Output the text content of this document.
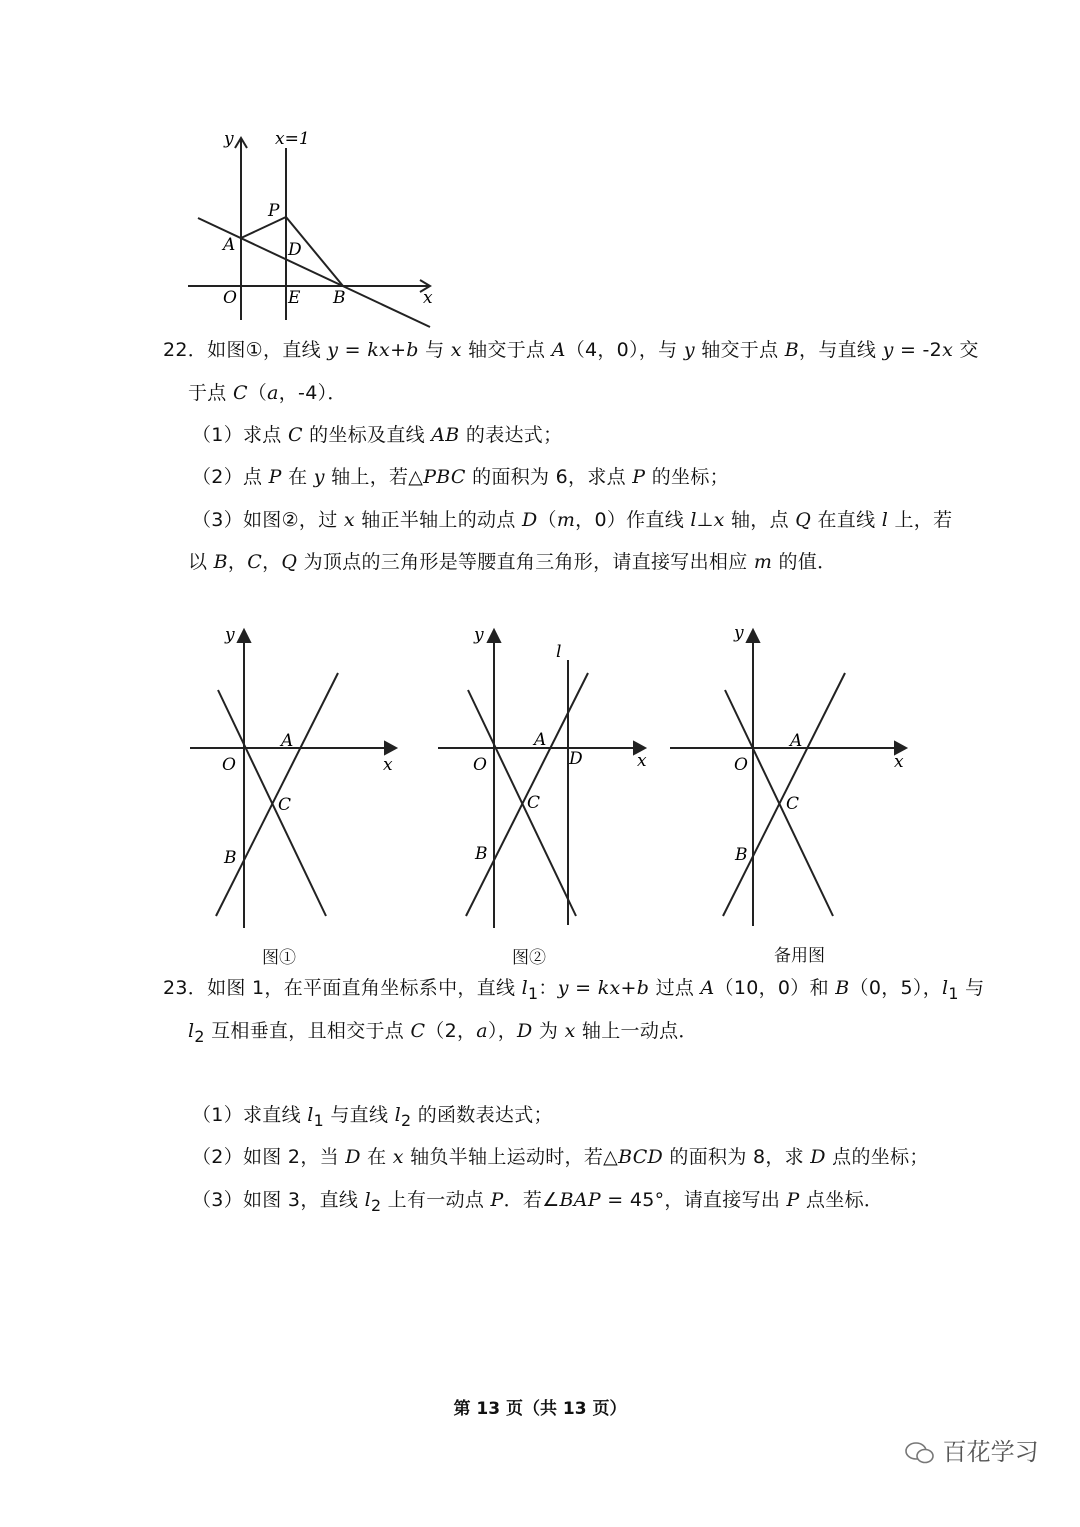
y x=1
P
A	D
O	E B	x
22．如图①，直线 y = kx+b 与 x 轴交于点 A（4，0），与 y 轴交于点 B，与直线 y = -2x 交
于点 C（a，-4）．
（1）求点 C 的坐标及直线 AB 的表达式；
（2）点 P 在 y 轴上，若△PBC 的面积为 6，求点 P 的坐标；
（3）如图②，过 x 轴正半轴上的动点 D（m，0）作直线 l⊥x 轴，点 Q 在直线 l 上，若
以 B，C，Q 为顶点的三角形是等腰直角三角形，请直接写出相应 m 的值．
y
x
O
A
C
B
图①
y
x
O
A
D
C
B
l
图②
y
x
O
A
C
B
备用图
23．如图 1，在平面直角坐标系中，直线 $l_1$：y = kx+b 过点 A（10，0）和 B（0，5），$l_1$ 与
$l_2$ 互相垂直，且相交于点 C（2，a），D 为 x 轴上一动点．
（1）求直线 $l_1$ 与直线 $l_2$ 的函数表达式；
（2）如图 2，当 D 在 x 轴负半轴上运动时，若△BCD 的面积为 8，求 D 点的坐标；
（3）如图 3，直线 $l_2$ 上有一动点 P．若∠BAP = 45°，请直接写出 P 点坐标．
第 13 页（共 13 页）
百花学习
